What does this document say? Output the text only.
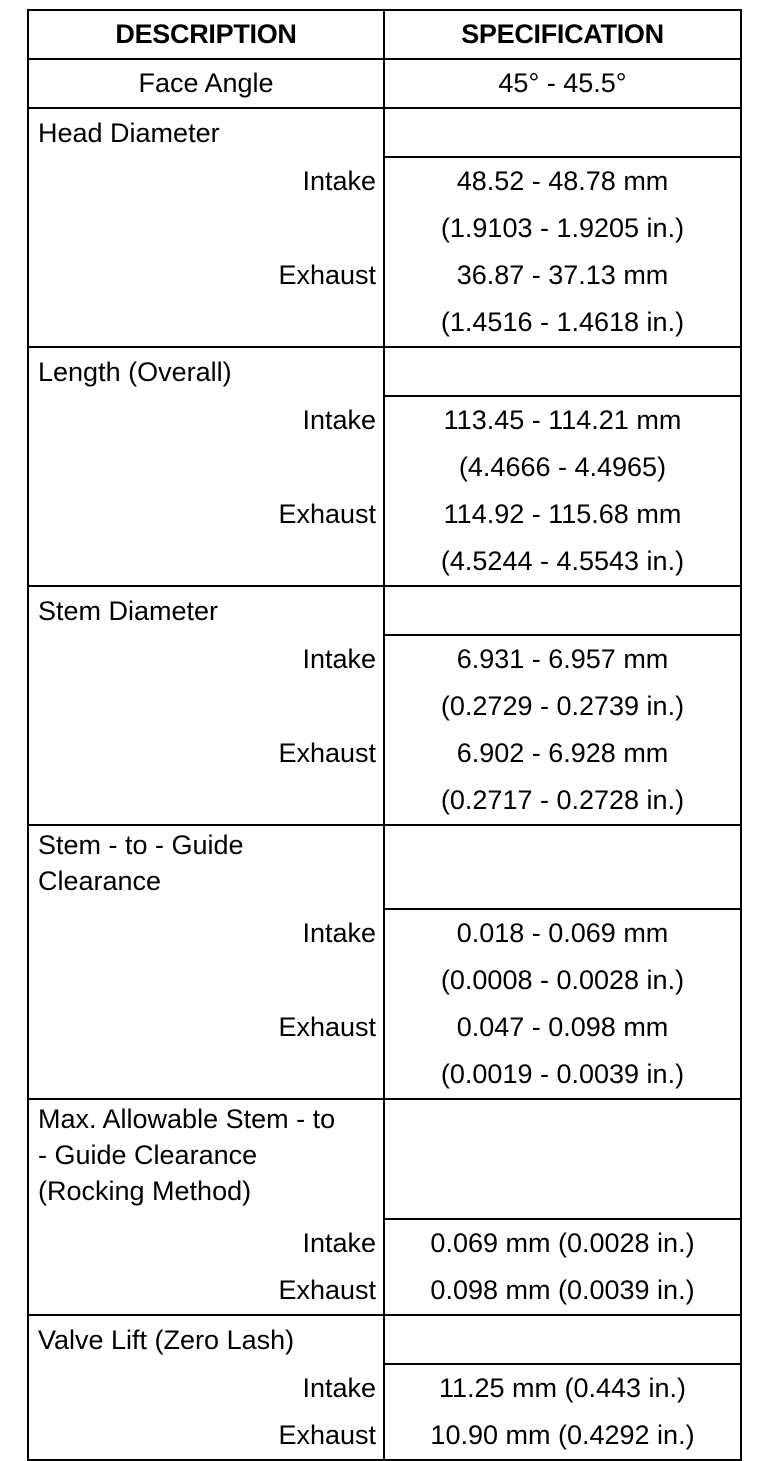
DESCRIPTION	SPECIFICATION
Face Angle	45° - 45.5°
Head Diameter	
Intake	48.52 - 48.78 mm
	(1.9103 - 1.9205 in.)
Exhaust	36.87 - 37.13 mm
	(1.4516 - 1.4618 in.)
Length (Overall)	
Intake	113.45 - 114.21 mm
	(4.4666 - 4.4965)
Exhaust	114.92 - 115.68 mm
	(4.5244 - 4.5543 in.)
Stem Diameter	
Intake	6.931 - 6.957 mm
	(0.2729 - 0.2739 in.)
Exhaust	6.902 - 6.928 mm
	(0.2717 - 0.2728 in.)

Stem - to - Guide
Clearance	

Intake	0.018 - 0.069 mm
	(0.0008 - 0.0028 in.)
Exhaust	0.047 - 0.098 mm
	(0.0019 - 0.0039 in.)

Max. Allowable Stem - to
- Guide Clearance
(Rocking Method)	

Intake	0.069 mm (0.0028 in.)
Exhaust	0.098 mm (0.0039 in.)
Valve Lift (Zero Lash)	
Intake	11.25 mm (0.443 in.)
Exhaust	10.90 mm (0.4292 in.)
